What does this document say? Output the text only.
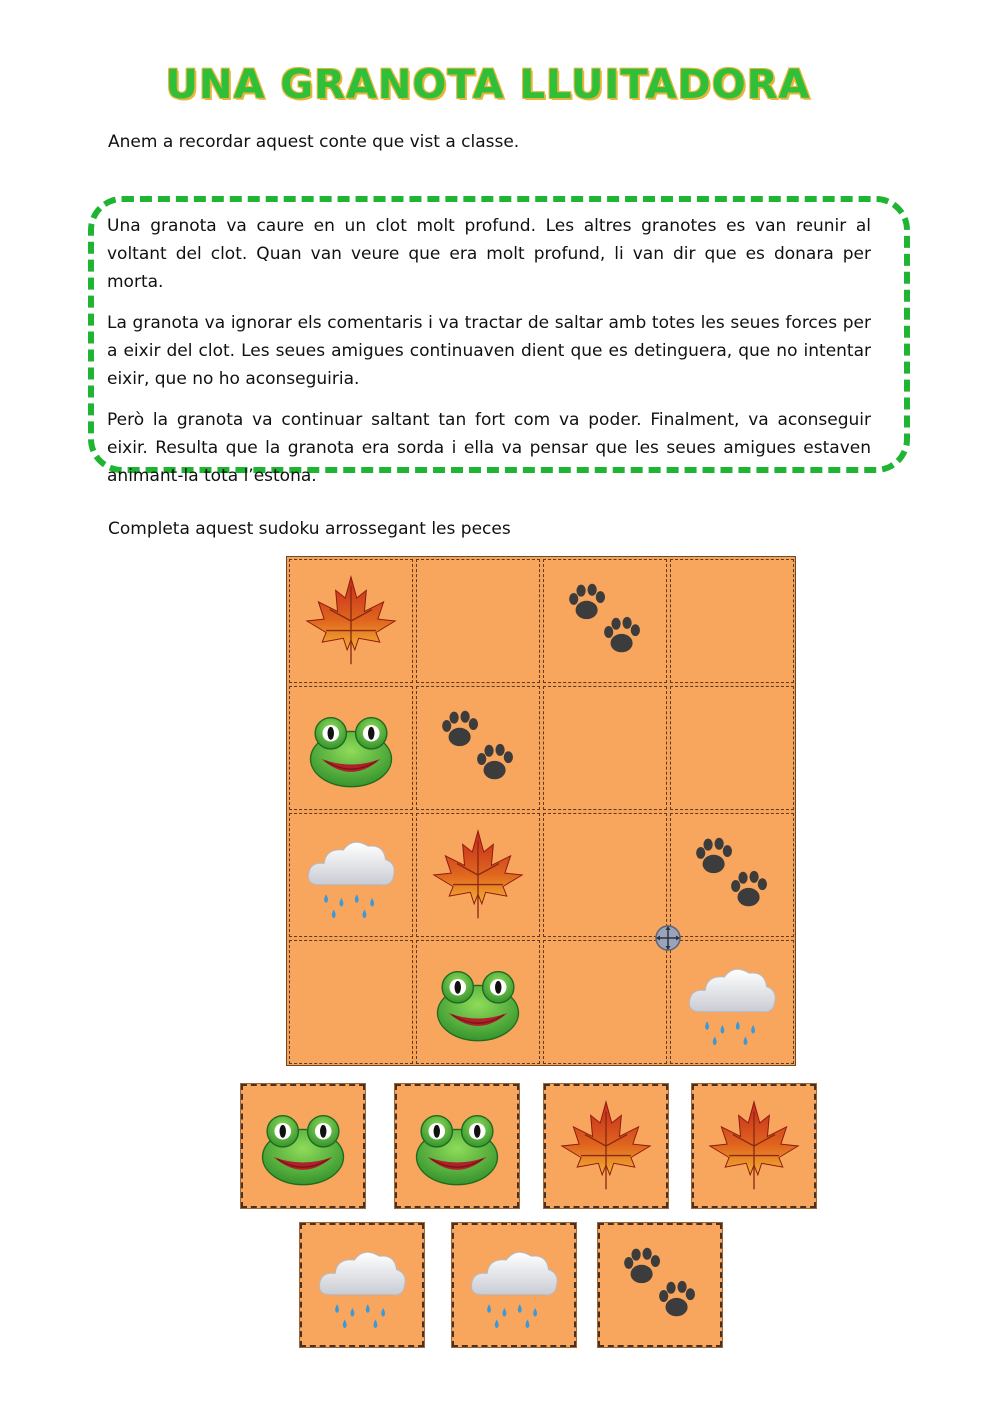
UNA GRANOTA LLUITADORA
Anem a recordar aquest conte que vist a classe.

Una granota va caure en un clot molt profund. Les altres granotes es van reunir al voltant del clot. Quan van veure que era molt profund, li van dir que es donara per morta.

La granota va ignorar els comentaris i va tractar de saltar amb totes les seues forces per a eixir del clot. Les seues amigues continuaven dient que es detinguera, que no intentar eixir, que no ho aconseguiria.

Però la granota va continuar saltant tan fort com va poder. Finalment, va aconseguir eixir. Resulta que la granota era sorda i ella va pensar que les seues amigues estaven animant-la tota l’estona.

Completa aquest sudoku arrossegant les peces
